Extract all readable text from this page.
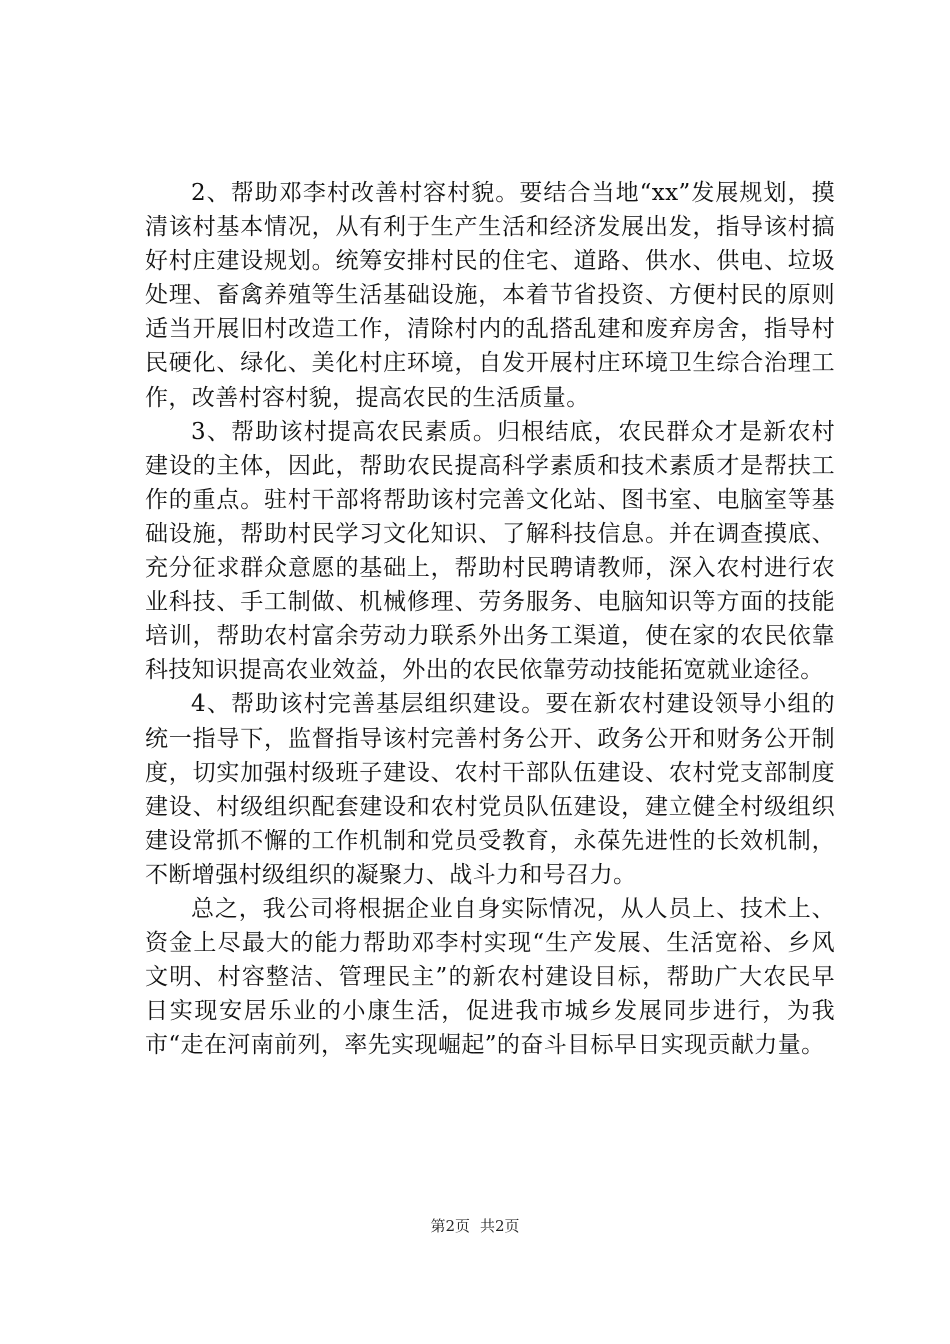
2、帮助邓李村改善村容村貌。要结合当地“xx”发展规划，摸清该村基本情况，从有利于生产生活和经济发展出发，指导该村搞好村庄建设规划。统筹安排村民的住宅、道路、供水、供电、垃圾处理、畜禽养殖等生活基础设施，本着节省投资、方便村民的原则适当开展旧村改造工作，清除村内的乱搭乱建和废弃房舍，指导村民硬化、绿化、美化村庄环境，自发开展村庄环境卫生综合治理工作，改善村容村貌，提高农民的生活质量。

3、帮助该村提高农民素质。归根结底，农民群众才是新农村建设的主体，因此，帮助农民提高科学素质和技术素质才是帮扶工作的重点。驻村干部将帮助该村完善文化站、图书室、电脑室等基础设施，帮助村民学习文化知识、了解科技信息。并在调查摸底、充分征求群众意愿的基础上，帮助村民聘请教师，深入农村进行农业科技、手工制做、机械修理、劳务服务、电脑知识等方面的技能培训，帮助农村富余劳动力联系外出务工渠道，使在家的农民依靠科技知识提高农业效益，外出的农民依靠劳动技能拓宽就业途径。

4、帮助该村完善基层组织建设。要在新农村建设领导小组的统一指导下，监督指导该村完善村务公开、政务公开和财务公开制度，切实加强村级班子建设、农村干部队伍建设、农村党支部制度建设、村级组织配套建设和农村党员队伍建设，建立健全村级组织建设常抓不懈的工作机制和党员受教育，永葆先进性的长效机制，不断增强村级组织的凝聚力、战斗力和号召力。

总之，我公司将根据企业自身实际情况，从人员上、技术上、资金上尽最大的能力帮助邓李村实现“生产发展、生活宽裕、乡风文明、村容整洁、管理民主”的新农村建设目标，帮助广大农民早日实现安居乐业的小康生活，促进我市城乡发展同步进行，为我市“走在河南前列，率先实现崛起”的奋斗目标早日实现贡献力量。

第2页 共2页
